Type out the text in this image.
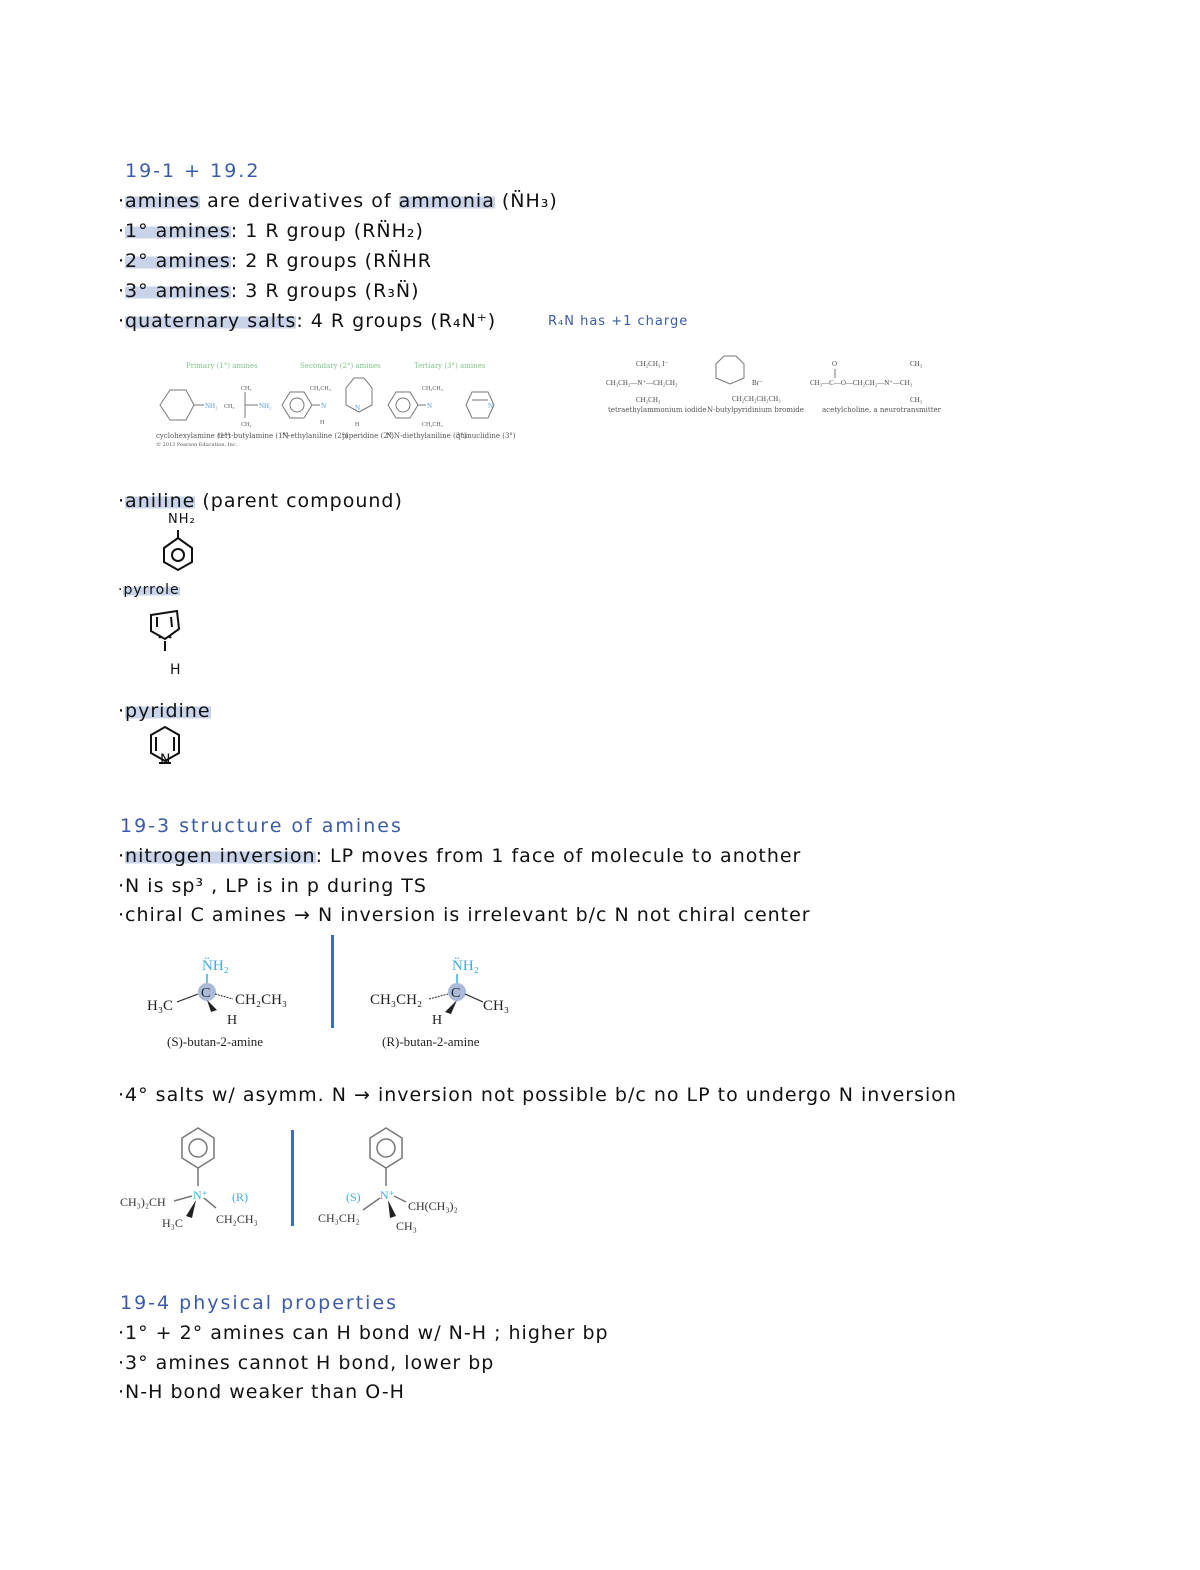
19-1 + 19.2
·amines are derivatives of ammonia (N̈H₃)
·1° amines: 1 R group (RN̈H₂)
·2° amines: 2 R groups (RN̈HR
·3° amines: 3 R groups (R₃N̈)
·quaternary salts: 4 R groups (R₄N⁺)	R₄N has +1 charge
Primary (1°) amines	Secondary (2°) amines	Tertiary (3°) amines
NH₂	NH₂	N	N	N	N
CH₃
CH₃
CH₃
CH₂CH₃
H	H
CH₂CH₃
CH₂CH₃
cyclohexylamine (1°)
tert-butylamine (1°)
N-ethylaniline (2°)
piperidine (2°)
N,N-diethylaniline (3°)
quinuclidine (3°)
© 2013 Pearson Education, Inc.
CH₂CH₃ I⁻
CH₃CH₂—N⁺—CH₂CH₃
CH₂CH₃	CH₂CH₂CH₂CH₃
Br⁻
O
CH₃—C—O—CH₂CH₂—N⁺—CH₃
CH₃
CH₃
tetraethylammonium iodide N-butylpyridinium bromide	acetylcholine, a neurotransmitter
·aniline (parent compound)
NH₂
·pyrrole
H
·pyridine
N
19-3 structure of amines
·nitrogen inversion: LP moves from 1 face of molecule to another
·N is sp³ , LP is in p during TS
·chiral C amines → N inversion is irrelevant b/c N not chiral center
N̈H₂
H₃C	CH₂CH₃
H
N̈H₂
CH₃CH₂	CH₃
H
C	C
(S)-butan-2-amine	(R)-butan-2-amine
·4° salts w/ asymm. N → inversion not possible b/c no LP to undergo N inversion
CH₃)₂CH N⁺
H₃C	CH₂CH₃
N⁺
CH(CH₃)₂
CH₃CH₂
CH₃
(R)	(S)
19-4 physical properties
·1° + 2° amines can H bond w/ N-H ; higher bp
·3° amines cannot H bond, lower bp
·N-H bond weaker than O-H
